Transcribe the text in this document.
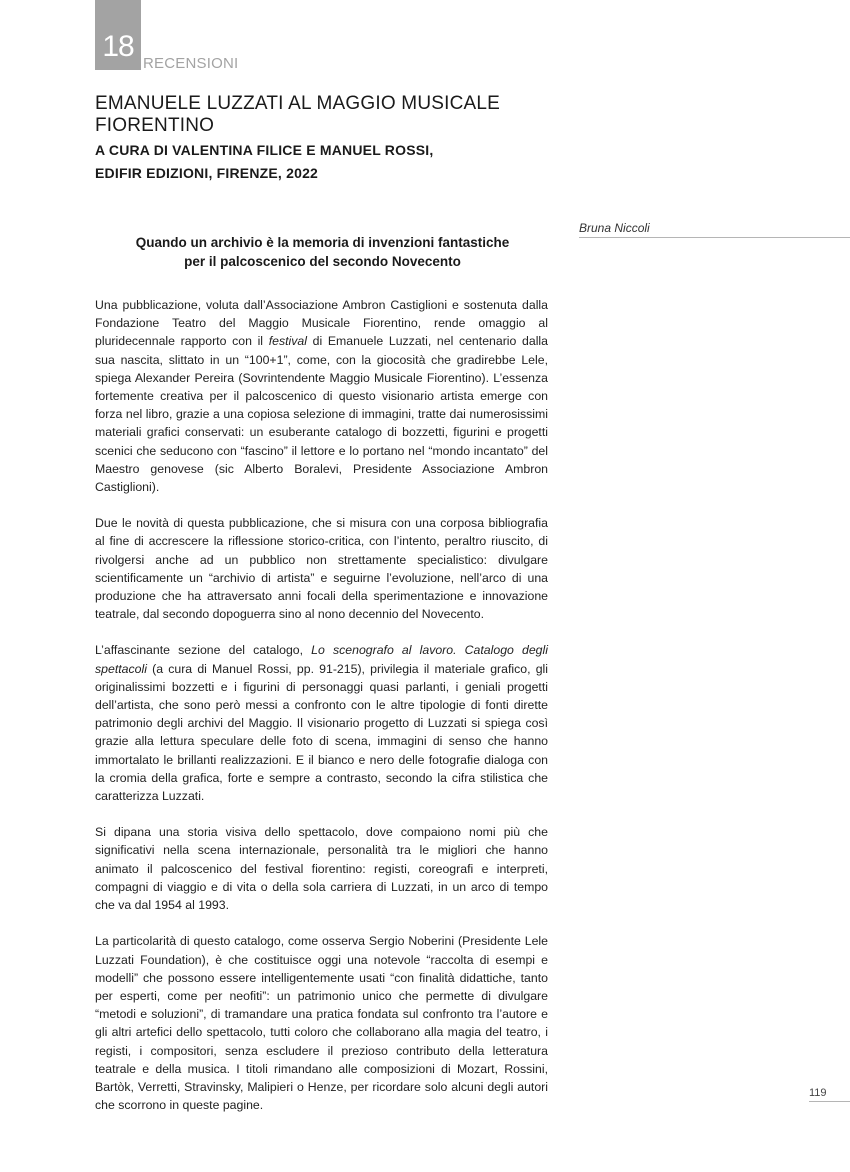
18
RECENSIONI
EMANUELE LUZZATI AL MAGGIO MUSICALE FIORENTINO
A CURA DI VALENTINA FILICE E MANUEL ROSSI,
EDIFIR EDIZIONI, FIRENZE, 2022
Bruna Niccoli
Quando un archivio è la memoria di invenzioni fantastiche
per il palcoscenico del secondo Novecento

Una pubblicazione, voluta dall’Associazione Ambron Castiglioni e sostenuta dalla Fondazione Teatro del Maggio Musicale Fiorentino, rende omaggio al pluridecennale rapporto con il festival di Emanuele Luzzati, nel centenario dalla sua nascita, slittato in un “100+1”, come, con la giocosità che gradirebbe Lele, spiega Alexander Pereira (Sovrintendente Maggio Musicale Fiorentino). L’essenza fortemente creativa per il palcoscenico di questo visionario artista emerge con forza nel libro, grazie a una copiosa selezione di immagini, tratte dai numerosissimi materiali grafici conservati: un esuberante catalogo di bozzetti, figurini e progetti scenici che seducono con “fascino” il lettore e lo portano nel “mondo incantato” del Maestro genovese (sic Alberto Boralevi, Presidente Associazione Ambron Castiglioni).

Due le novità di questa pubblicazione, che si misura con una corposa bibliografia al fine di accrescere la riflessione storico-critica, con l’intento, peraltro riuscito, di rivolgersi anche ad un pubblico non strettamente specialistico: divulgare scientificamente un “archivio di artista” e seguirne l’evoluzione, nell’arco di una produzione che ha attraversato anni focali della sperimentazione e innovazione teatrale, dal secondo dopoguerra sino al nono decennio del Novecento.

L’affascinante sezione del catalogo, Lo scenografo al lavoro. Catalogo degli spettacoli (a cura di Manuel Rossi, pp. 91-215), privilegia il materiale grafico, gli originalissimi bozzetti e i figurini di personaggi quasi parlanti, i geniali progetti dell’artista, che sono però messi a confronto con le altre tipologie di fonti dirette patrimonio degli archivi del Maggio. Il visionario progetto di Luzzati si spiega così grazie alla lettura speculare delle foto di scena, immagini di senso che hanno immortalato le brillanti realizzazioni. E il bianco e nero delle fotografie dialoga con la cromia della grafica, forte e sempre a contrasto, secondo la cifra stilistica che caratterizza Luzzati.

Si dipana una storia visiva dello spettacolo, dove compaiono nomi più che significativi nella scena internazionale, personalità tra le migliori che hanno animato il palcoscenico del festival fiorentino: registi, coreografi e interpreti, compagni di viaggio e di vita o della sola carriera di Luzzati, in un arco di tempo che va dal 1954 al 1993.

La particolarità di questo catalogo, come osserva Sergio Noberini (Presidente Lele Luzzati Foundation), è che costituisce oggi una notevole “raccolta di esempi e modelli” che possono essere intelligentemente usati “con finalità didattiche, tanto per esperti, come per neofiti”: un patrimonio unico che permette di divulgare “metodi e soluzioni”, di tramandare una pratica fondata sul confronto tra l’autore e gli altri artefici dello spettacolo, tutti coloro che collaborano alla magia del teatro, i registi, i compositori, senza escludere il prezioso contributo della letteratura teatrale e della musica. I titoli rimandano alle composizioni di Mozart, Rossini, Bartòk, Verretti, Stravinsky, Malipieri o Henze, per ricordare solo alcuni degli autori che scorrono in queste pagine.

119
